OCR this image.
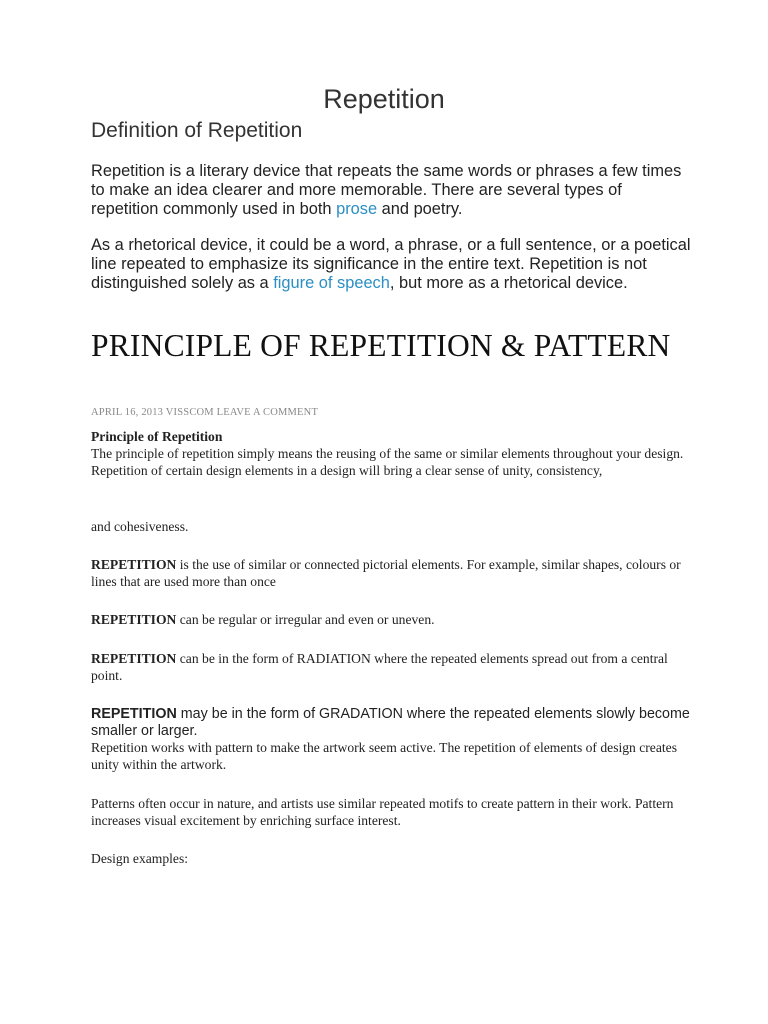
Repetition
Definition of Repetition

Repetition is a literary device that repeats the same words or phrases a few times to make an idea clearer and more memorable. There are several types of repetition commonly used in both prose and poetry.

As a rhetorical device, it could be a word, a phrase, or a full sentence, or a poetical line repeated to emphasize its significance in the entire text. Repetition is not distinguished solely as a figure of speech, but more as a rhetorical device.

PRINCIPLE OF REPETITION & PATTERN

APRIL 16, 2013 VISSCOM LEAVE A COMMENT

Principle of Repetition
The principle of repetition simply means the reusing of the same or similar elements throughout your design. Repetition of certain design elements in a design will bring a clear sense of unity, consistency,

and cohesiveness.

REPETITION is the use of similar or connected pictorial elements. For example, similar shapes, colours or lines that are used more than once

REPETITION can be regular or irregular and even or uneven.

REPETITION can be in the form of RADIATION where the repeated elements spread out from a central point.

REPETITION may be in the form of GRADATION where the repeated elements slowly become smaller or larger.

Repetition works with pattern to make the artwork seem active. The repetition of elements of design creates unity within the artwork.

Patterns often occur in nature, and artists use similar repeated motifs to create pattern in their work. Pattern increases visual excitement by enriching surface interest.

Design examples:
